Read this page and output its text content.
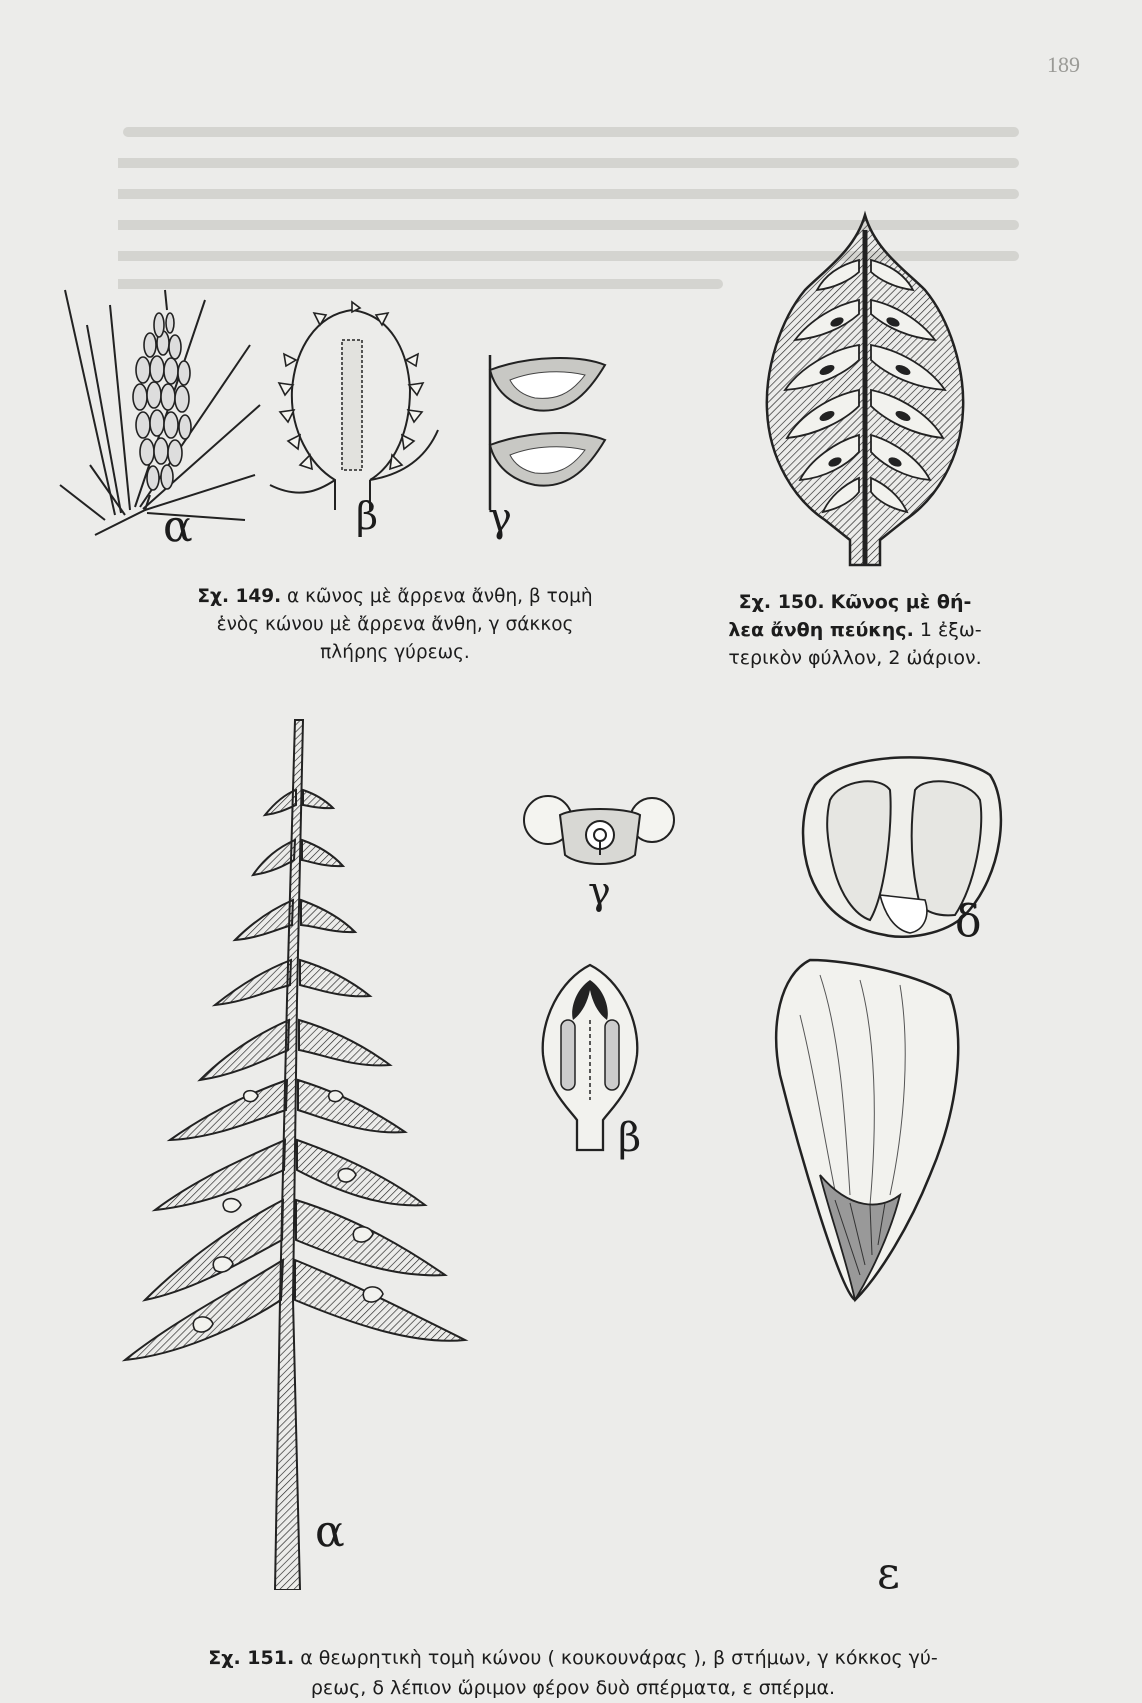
189
α	β	γ

Σχ. 149. α κῶνος μὲ ἄρρενα ἄνθη, β τομὴ

ἑνὸς κώνου μὲ ἄρρενα ἄνθη, γ σάκκος

πλήρης γύρεως.

Σχ. 150. Κῶνος μὲ θή-

λεα ἄνθη πεύκης. 1 ἐξω-

τερικὸν φύλλον, 2 ὠάριον.

α
γ
δ
β
ε

Σχ. 151. α θεωρητικὴ τομὴ κώνου ( κουκουνάρας ), β στήμων, γ κόκκος γύ-

ρεως, δ λέπιον ὥριμον φέρον δυὸ σπέρματα, ε σπέρμα.
